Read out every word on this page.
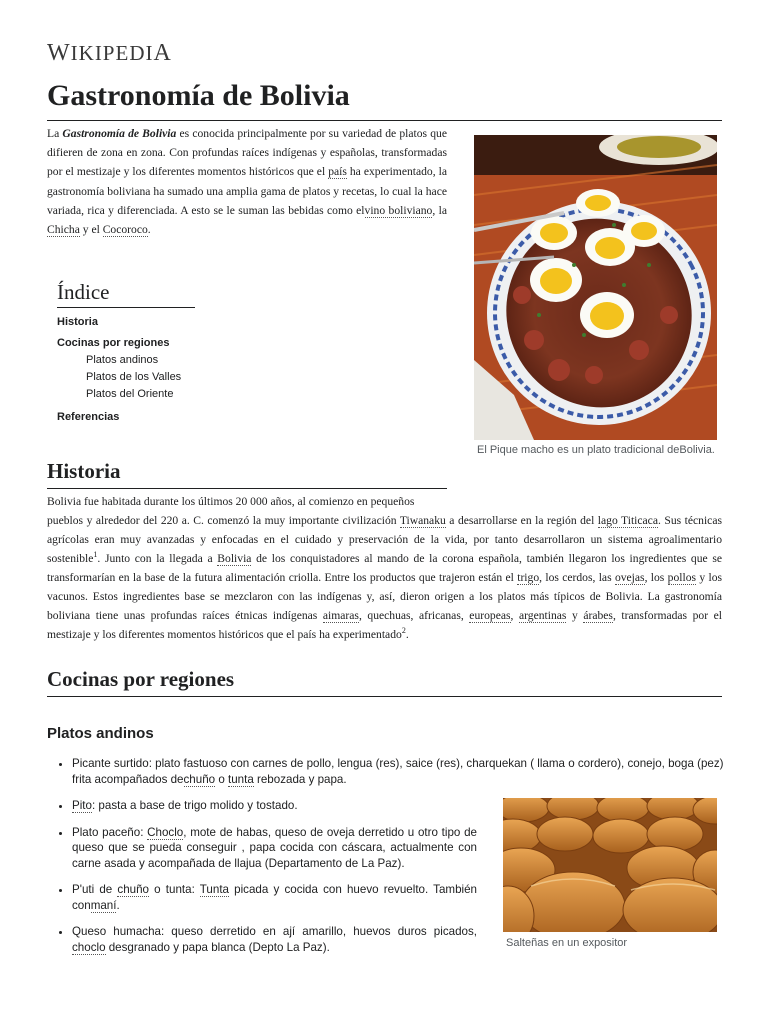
WIKIPEDIA
Gastronomía de Bolivia
La Gastronomía de Bolivia es conocida principalmente por su variedad de platos que difieren de zona en zona. Con profundas raíces indígenas y españolas, transformadas por el mestizaje y los diferentes momentos históricos que el país ha experimentado, la gastronomía boliviana ha sumado una amplia gama de platos y recetas, lo cual la hace variada, rica y diferenciada. A esto se le suman las bebidas como elvino boliviano, la Chicha y el Cocoroco.
El Pique macho es un plato tradicional deBolivia.
Índice
Historia
Cocinas por regiones
Platos andinos
Platos de los Valles
Platos del Oriente
Referencias
Historia
Bolivia fue habitada durante los últimos 20 000 años, al comienzo en pequeños
pueblos y alrededor del 220 a. C. comenzó la muy importante civilización Tiwanaku a desarrollarse en la región del lago Titicaca. Sus técnicas agrícolas eran muy avanzadas y enfocadas en el cuidado y preservación de la vida, por tanto desarrollaron un sistema agroalimentario sostenible$^1$. Junto con la llegada a Bolivia de los conquistadores al mando de la corona española, también llegaron los ingredientes que se transformarían en la base de la futura alimentación criolla. Entre los productos que trajeron están el trigo, los cerdos, las ovejas, los pollos y los vacunos. Estos ingredientes base se mezclaron con las indígenas y, así, dieron origen a los platos más típicos de Bolivia. La gastronomía boliviana tiene unas profundas raíces étnicas indígenas aimaras, quechuas, africanas, europeas, argentinas y árabes, transformadas por el mestizaje y los diferentes momentos históricos que el país ha experimentado$^2$.
Cocinas por regiones
Platos andinos
• Picante surtido: plato fastuoso con carnes de pollo, lengua (res), saice (res), charquekan ( llama o cordero), conejo, boga (pez) frita acompañados dechuño o tunta rebozada y papa.
• Pito: pasta a base de trigo molido y tostado.
• Plato paceño: Choclo, mote de habas, queso de oveja derretido u otro tipo de queso que se pueda conseguir , papa cocida con cáscara, actualmente con carne asada y acompañada de llajua (Departamento de La Paz).
• P'uti de chuño o tunta: Tunta picada y cocida con huevo revuelto. También conmaní.
• Queso humacha: queso derretido en ají amarillo, huevos duros picados, choclo desgranado y papa blanca (Depto La Paz).	Salteñas en un expositor
